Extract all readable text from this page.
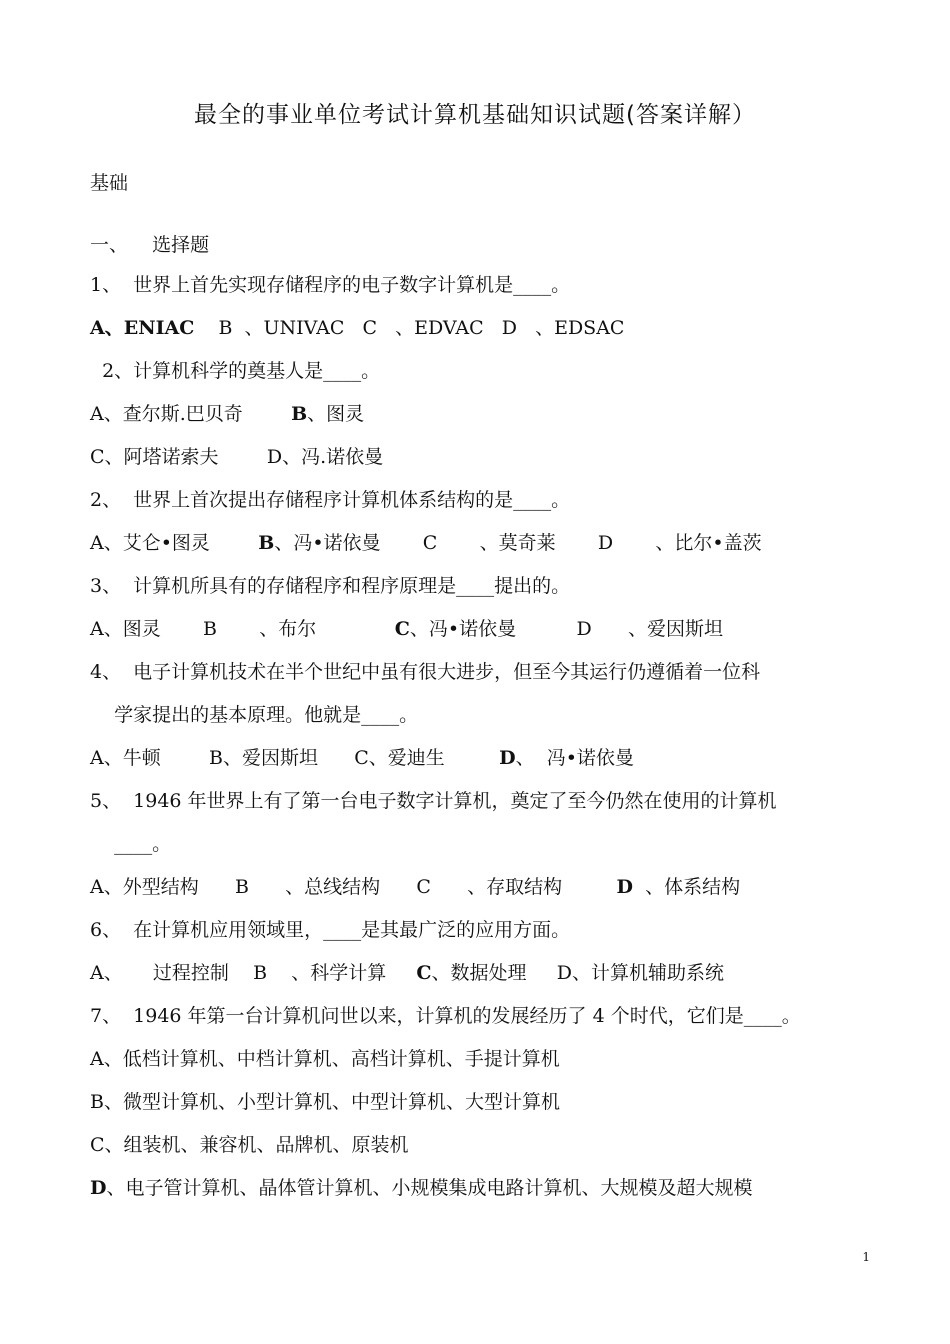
最全的事业单位考试计算机基础知识试题(答案详解）
基础
一、    选择题
1、  世界上首先实现存储程序的电子数字计算机是____。
A、ENIAC    B  、UNIVAC   C   、EDVAC   D   、EDSAC
2、计算机科学的奠基人是____。
A、查尔斯.巴贝奇        B、图灵
C、阿塔诺索夫        D、冯.诺依曼
2、  世界上首次提出存储程序计算机体系结构的是____。
A、艾仑•图灵        B、冯•诺依曼       C       、莫奇莱       D       、比尔•盖茨
3、  计算机所具有的存储程序和程序原理是____提出的。
A、图灵       B       、布尔             C、冯•诺依曼          D      、爱因斯坦
4、  电子计算机技术在半个世纪中虽有很大进步，但至今其运行仍遵循着一位科
学家提出的基本原理。他就是____。
A、牛顿        B、爱因斯坦      C、爱迪生         D、  冯•诺依曼
5、  1946 年世界上有了第一台电子数字计算机，奠定了至今仍然在使用的计算机
____。
A、外型结构      B      、总线结构      C      、存取结构         D  、体系结构
6、  在计算机应用领域里，____是其最广泛的应用方面。
A、     过程控制    B    、科学计算     C、数据处理     D、计算机辅助系统
7、  1946 年第一台计算机问世以来，计算机的发展经历了 4 个时代，它们是____。
A、低档计算机、中档计算机、高档计算机、手提计算机
B、微型计算机、小型计算机、中型计算机、大型计算机
C、组装机、兼容机、品牌机、原装机
D、电子管计算机、晶体管计算机、小规模集成电路计算机、大规模及超大规模
1
